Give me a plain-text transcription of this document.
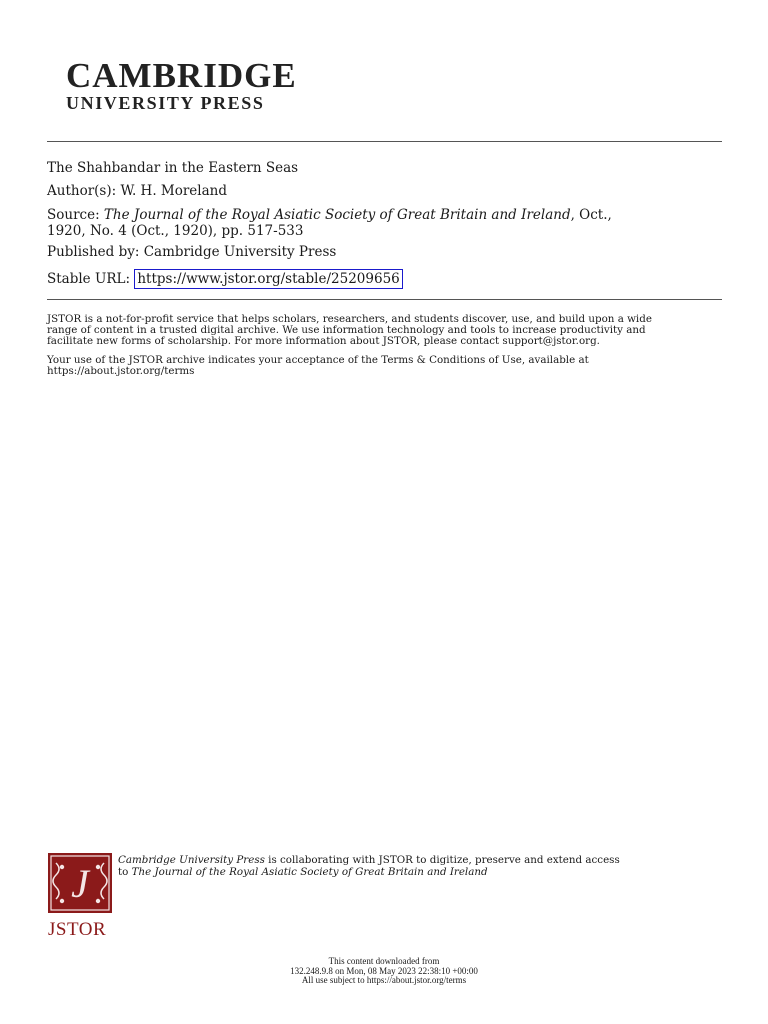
CAMBRIDGE
UNIVERSITY PRESS

The Shahbandar in the Eastern Seas

Author(s): W. H. Moreland

Source: The Journal of the Royal Asiatic Society of Great Britain and Ireland, Oct.,

1920, No. 4 (Oct., 1920), pp. 517-533

Published by: Cambridge University Press

Stable URL: https://www.jstor.org/stable/25209656

JSTOR is a not-for-profit service that helps scholars, researchers, and students discover, use, and build upon a wide

range of content in a trusted digital archive. We use information technology and tools to increase productivity and

facilitate new forms of scholarship. For more information about JSTOR, please contact support@jstor.org.

Your use of the JSTOR archive indicates your acceptance of the Terms & Conditions of Use, available at

https://about.jstor.org/terms

J
JSTOR
Cambridge University Press is collaborating with JSTOR to digitize, preserve and extend access
to The Journal of the Royal Asiatic Society of Great Britain and Ireland
This content downloaded from
132.248.9.8 on Mon, 08 May 2023 22:38:10 +00:00
All use subject to https://about.jstor.org/terms
